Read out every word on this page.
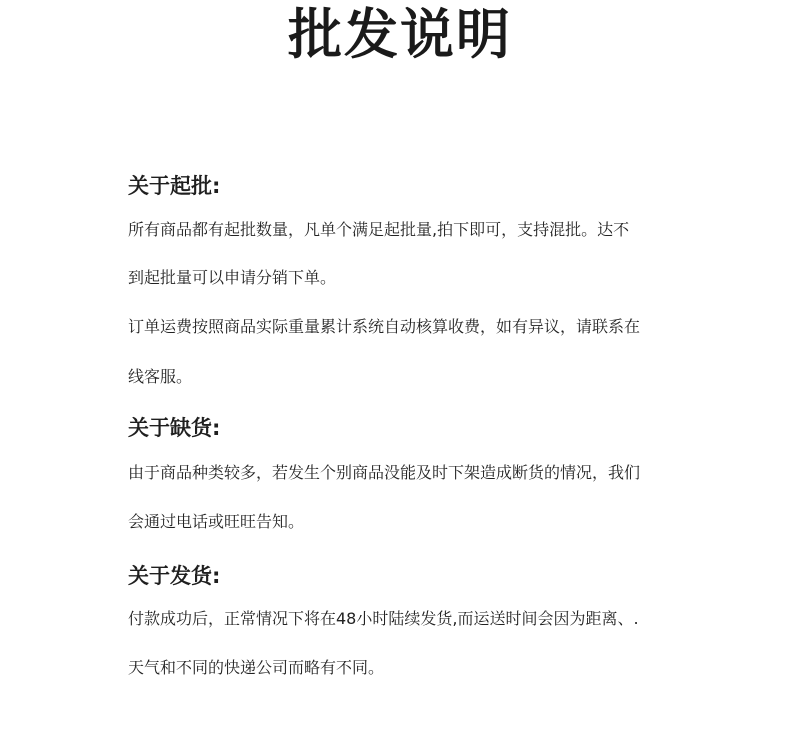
批发说明
关于起批:
所有商品都有起批数量，凡单个满足起批量,拍下即可，支持混批。达不
到起批量可以申请分销下单。
订单运费按照商品实际重量累计系统自动核算收费，如有异议，请联系在
线客服。
关于缺货:
由于商品种类较多，若发生个别商品没能及时下架造成断货的情况，我们
会通过电话或旺旺告知。
关于发货:
付款成功后，正常情况下将在48小时陆续发货,而运送时间会因为距离、.
天气和不同的快递公司而略有不同。
